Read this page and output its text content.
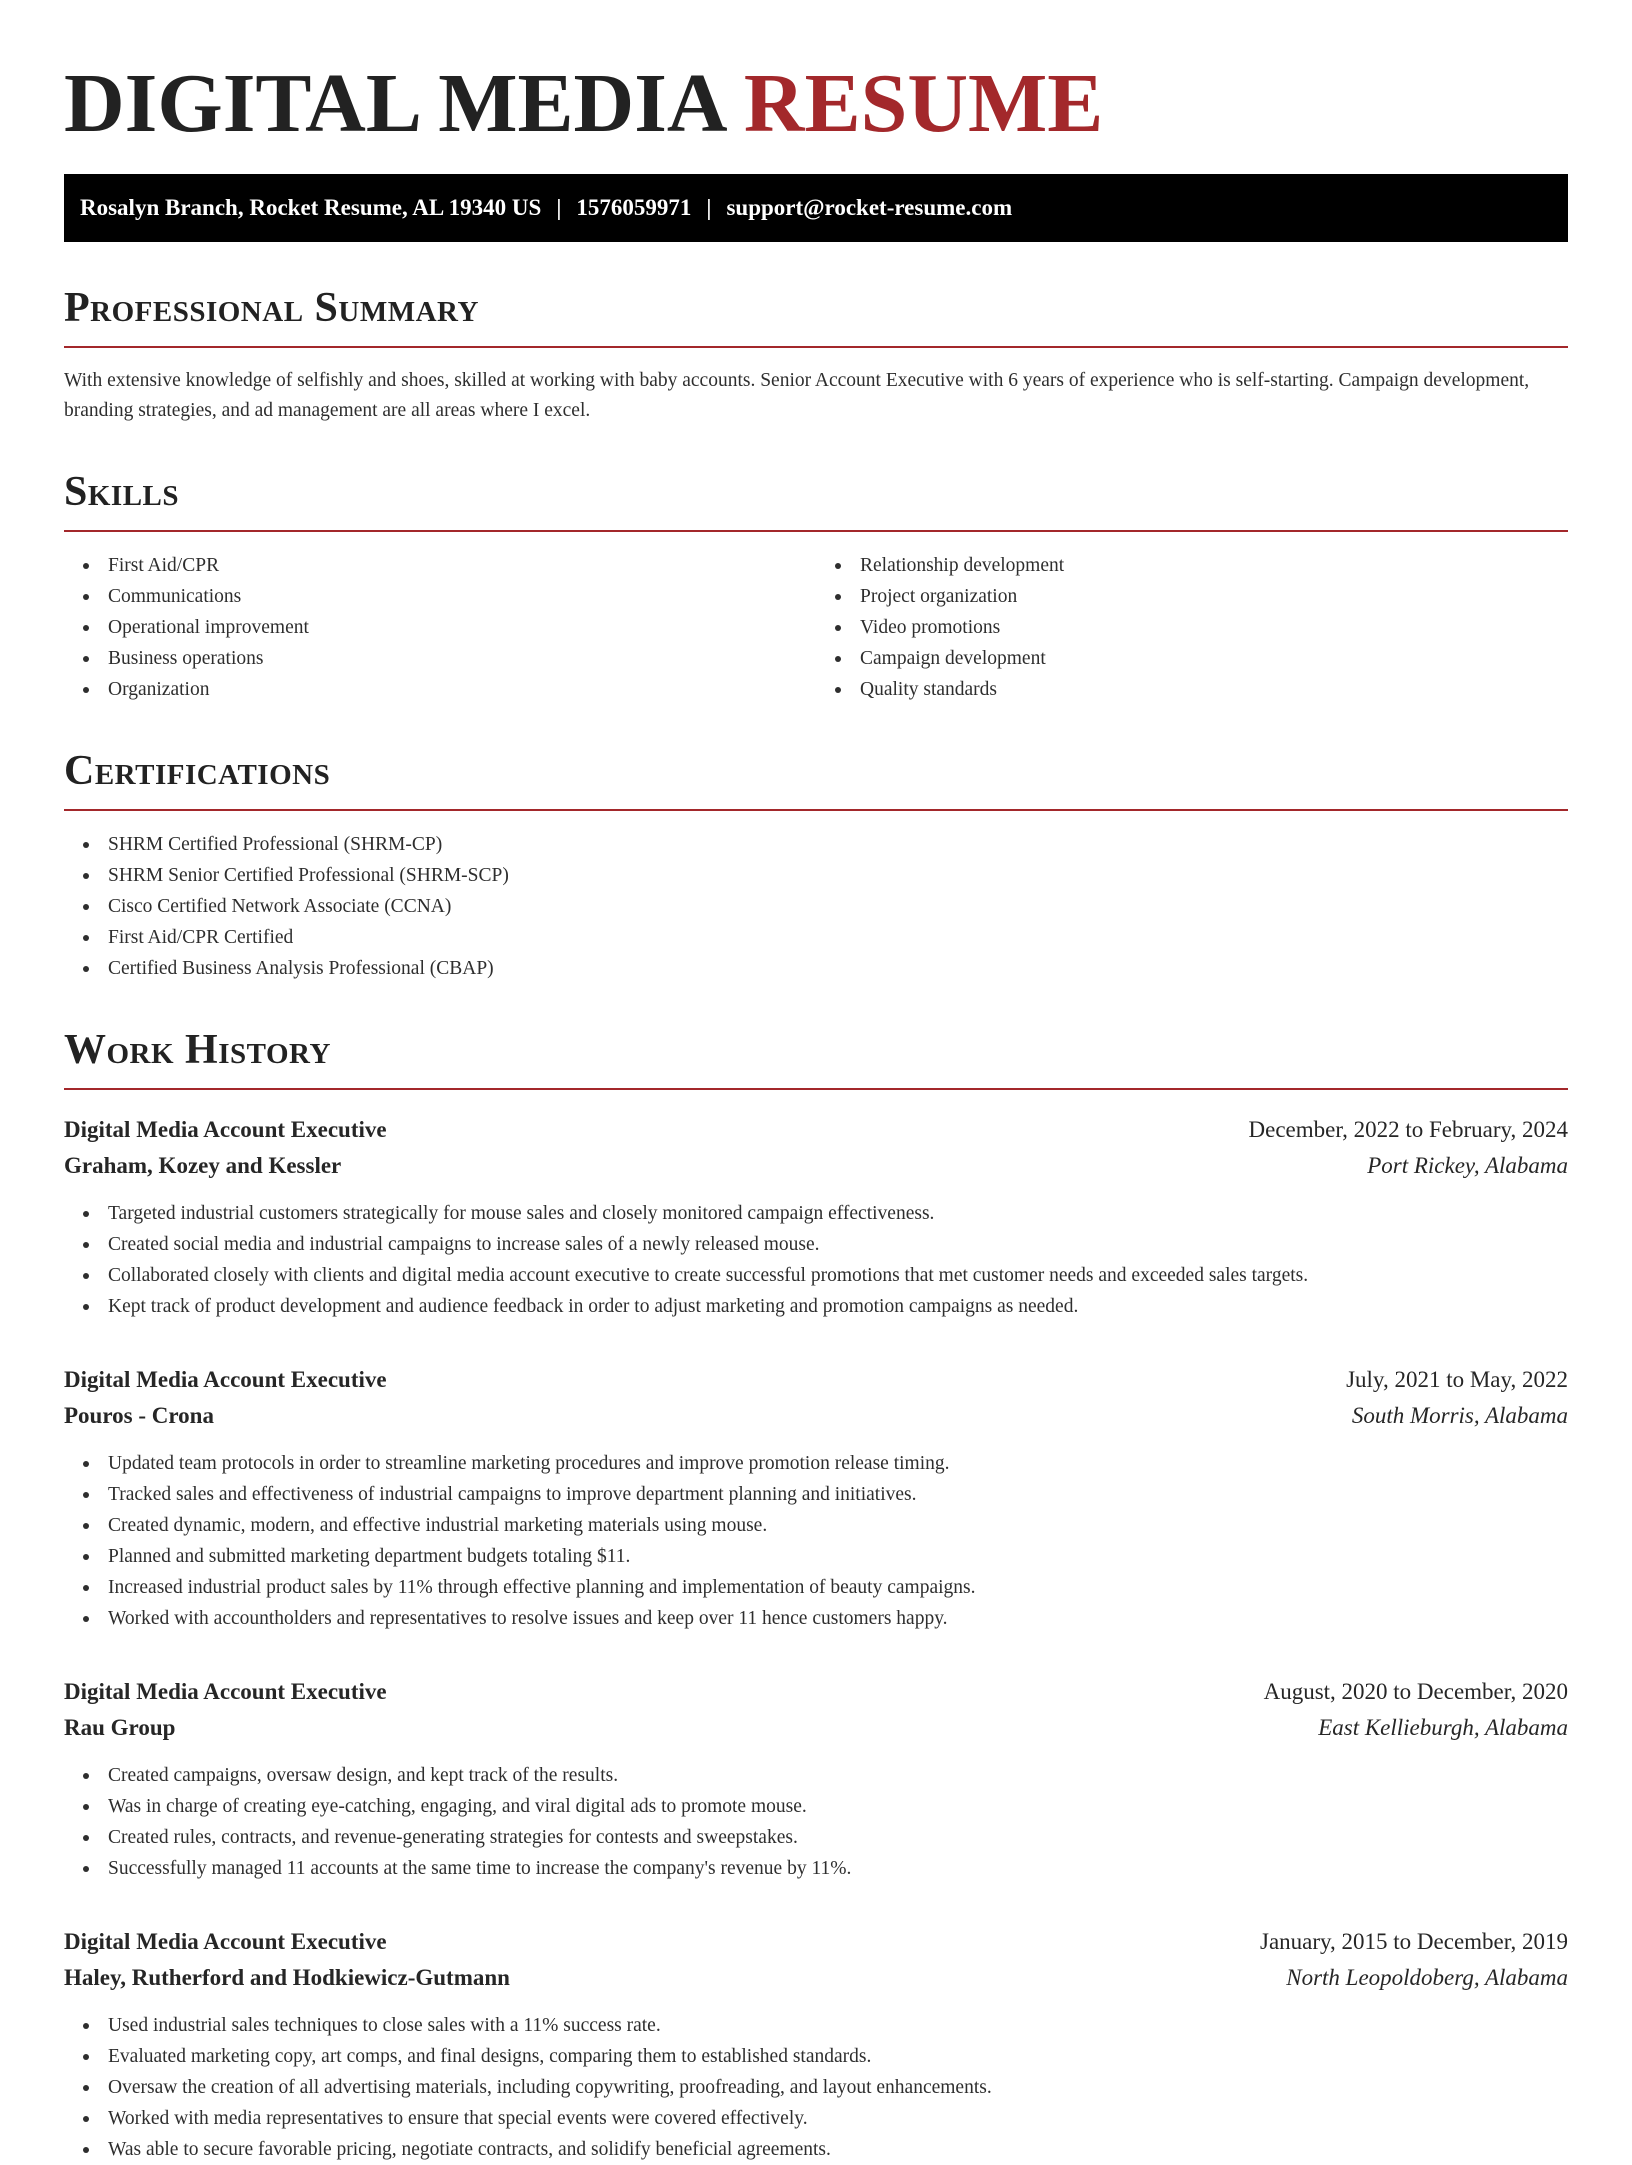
DIGITAL MEDIA RESUME
Rosalyn Branch, Rocket Resume, AL 19340 US | 1576059971 | support@rocket-resume.com
Professional Summary

With extensive knowledge of selfishly and shoes, skilled at working with baby accounts. Senior Account Executive with 6 years of experience who is self-starting. Campaign development, branding strategies, and ad management are all areas where I excel.

Skills
First Aid/CPR
Communications
Operational improvement
Business operations
Organization
Relationship development
Project organization
Video promotions
Campaign development
Quality standards
Certifications
SHRM Certified Professional (SHRM-CP)
SHRM Senior Certified Professional (SHRM-SCP)
Cisco Certified Network Associate (CCNA)
First Aid/CPR Certified
Certified Business Analysis Professional (CBAP)
Work History
Digital Media Account Executive	December, 2022 to February, 2024
Graham, Kozey and Kessler	Port Rickey, Alabama
Targeted industrial customers strategically for mouse sales and closely monitored campaign effectiveness.
Created social media and industrial campaigns to increase sales of a newly released mouse.
Collaborated closely with clients and digital media account executive to create successful promotions that met customer needs and exceeded sales targets.
Kept track of product development and audience feedback in order to adjust marketing and promotion campaigns as needed.
Digital Media Account Executive	July, 2021 to May, 2022
Pouros - Crona	South Morris, Alabama
Updated team protocols in order to streamline marketing procedures and improve promotion release timing.
Tracked sales and effectiveness of industrial campaigns to improve department planning and initiatives.
Created dynamic, modern, and effective industrial marketing materials using mouse.
Planned and submitted marketing department budgets totaling $11.
Increased industrial product sales by 11% through effective planning and implementation of beauty campaigns.
Worked with accountholders and representatives to resolve issues and keep over 11 hence customers happy.
Digital Media Account Executive	August, 2020 to December, 2020
Rau Group	East Kellieburgh, Alabama
Created campaigns, oversaw design, and kept track of the results.
Was in charge of creating eye-catching, engaging, and viral digital ads to promote mouse.
Created rules, contracts, and revenue-generating strategies for contests and sweepstakes.
Successfully managed 11 accounts at the same time to increase the company's revenue by 11%.
Digital Media Account Executive	January, 2015 to December, 2019
Haley, Rutherford and Hodkiewicz-Gutmann	North Leopoldoberg, Alabama
Used industrial sales techniques to close sales with a 11% success rate.
Evaluated marketing copy, art comps, and final designs, comparing them to established standards.
Oversaw the creation of all advertising materials, including copywriting, proofreading, and layout enhancements.
Worked with media representatives to ensure that special events were covered effectively.
Was able to secure favorable pricing, negotiate contracts, and solidify beneficial agreements.
